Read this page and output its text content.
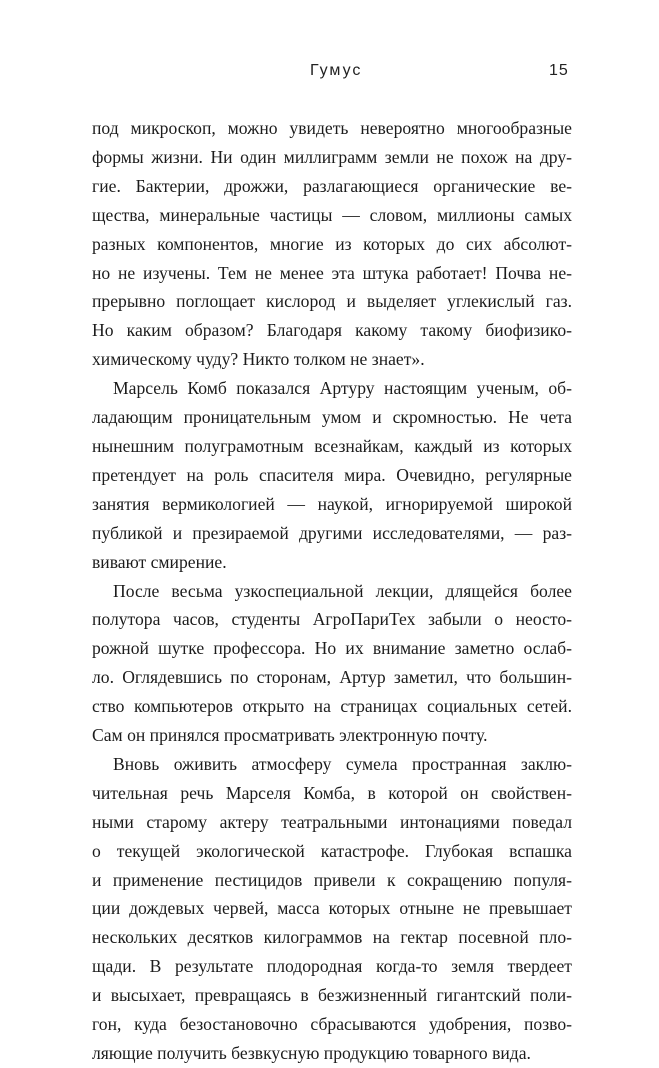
Гумус	15
под микроскоп, можно увидеть невероятно многообразные
формы жизни. Ни один миллиграмм земли не похож на дру-
гие. Бактерии, дрожжи, разлагающиеся органические ве-
щества, минеральные частицы — словом, миллионы самых
разных компонентов, многие из которых до сих абсолют-
но не изучены. Тем не менее эта штука работает! Почва не-
прерывно поглощает кислород и выделяет углекислый газ.
Но каким образом? Благодаря какому такому биофизико-
химическому чуду? Никто толком не знает».
Марсель Комб показался Артуру настоящим ученым, об-
ладающим проницательным умом и скромностью. Не чета
нынешним полуграмотным всезнайкам, каждый из которых
претендует на роль спасителя мира. Очевидно, регулярные
занятия вермикологией — наукой, игнорируемой широкой
публикой и презираемой другими исследователями, — раз-
вивают смирение.
После весьма узкоспециальной лекции, длящейся более
полутора часов, студенты АгроПариТех забыли о неосто-
рожной шутке профессора. Но их внимание заметно ослаб-
ло. Оглядевшись по сторонам, Артур заметил, что большин-
ство компьютеров открыто на страницах социальных сетей.
Сам он принялся просматривать электронную почту.
Вновь оживить атмосферу сумела пространная заклю-
чительная речь Марселя Комба, в которой он свойствен-
ными старому актеру театральными интонациями поведал
о текущей экологической катастрофе. Глубокая вспашка
и применение пестицидов привели к сокращению популя-
ции дождевых червей, масса которых отныне не превышает
нескольких десятков килограммов на гектар посевной пло-
щади. В результате плодородная когда-то земля твердеет
и высыхает, превращаясь в безжизненный гигантский поли-
гон, куда безостановочно сбрасываются удобрения, позво-
ляющие получить безвкусную продукцию товарного вида.
